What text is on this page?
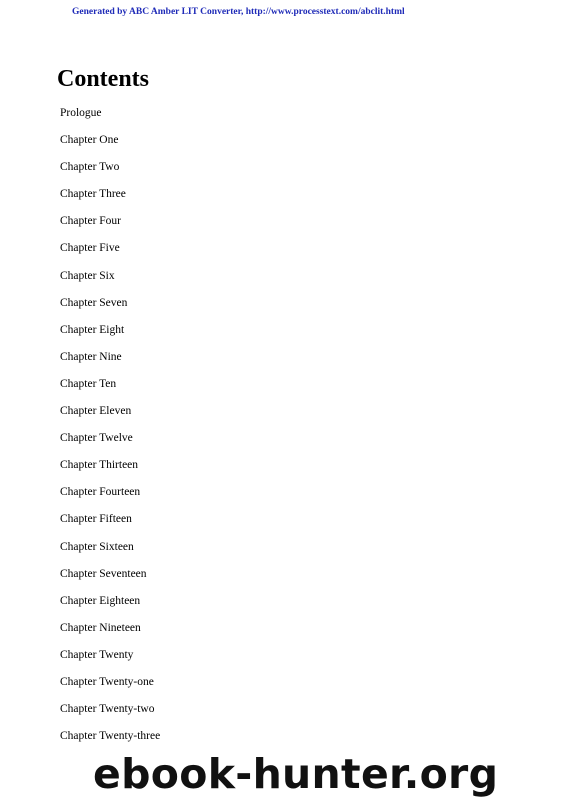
Generated by ABC Amber LIT Converter, http://www.processtext.com/abclit.html
Contents
Prologue
Chapter One
Chapter Two
Chapter Three
Chapter Four
Chapter Five
Chapter Six
Chapter Seven
Chapter Eight
Chapter Nine
Chapter Ten
Chapter Eleven
Chapter Twelve
Chapter Thirteen
Chapter Fourteen
Chapter Fifteen
Chapter Sixteen
Chapter Seventeen
Chapter Eighteen
Chapter Nineteen
Chapter Twenty
Chapter Twenty-one
Chapter Twenty-two
Chapter Twenty-three
ebook-hunter.org
